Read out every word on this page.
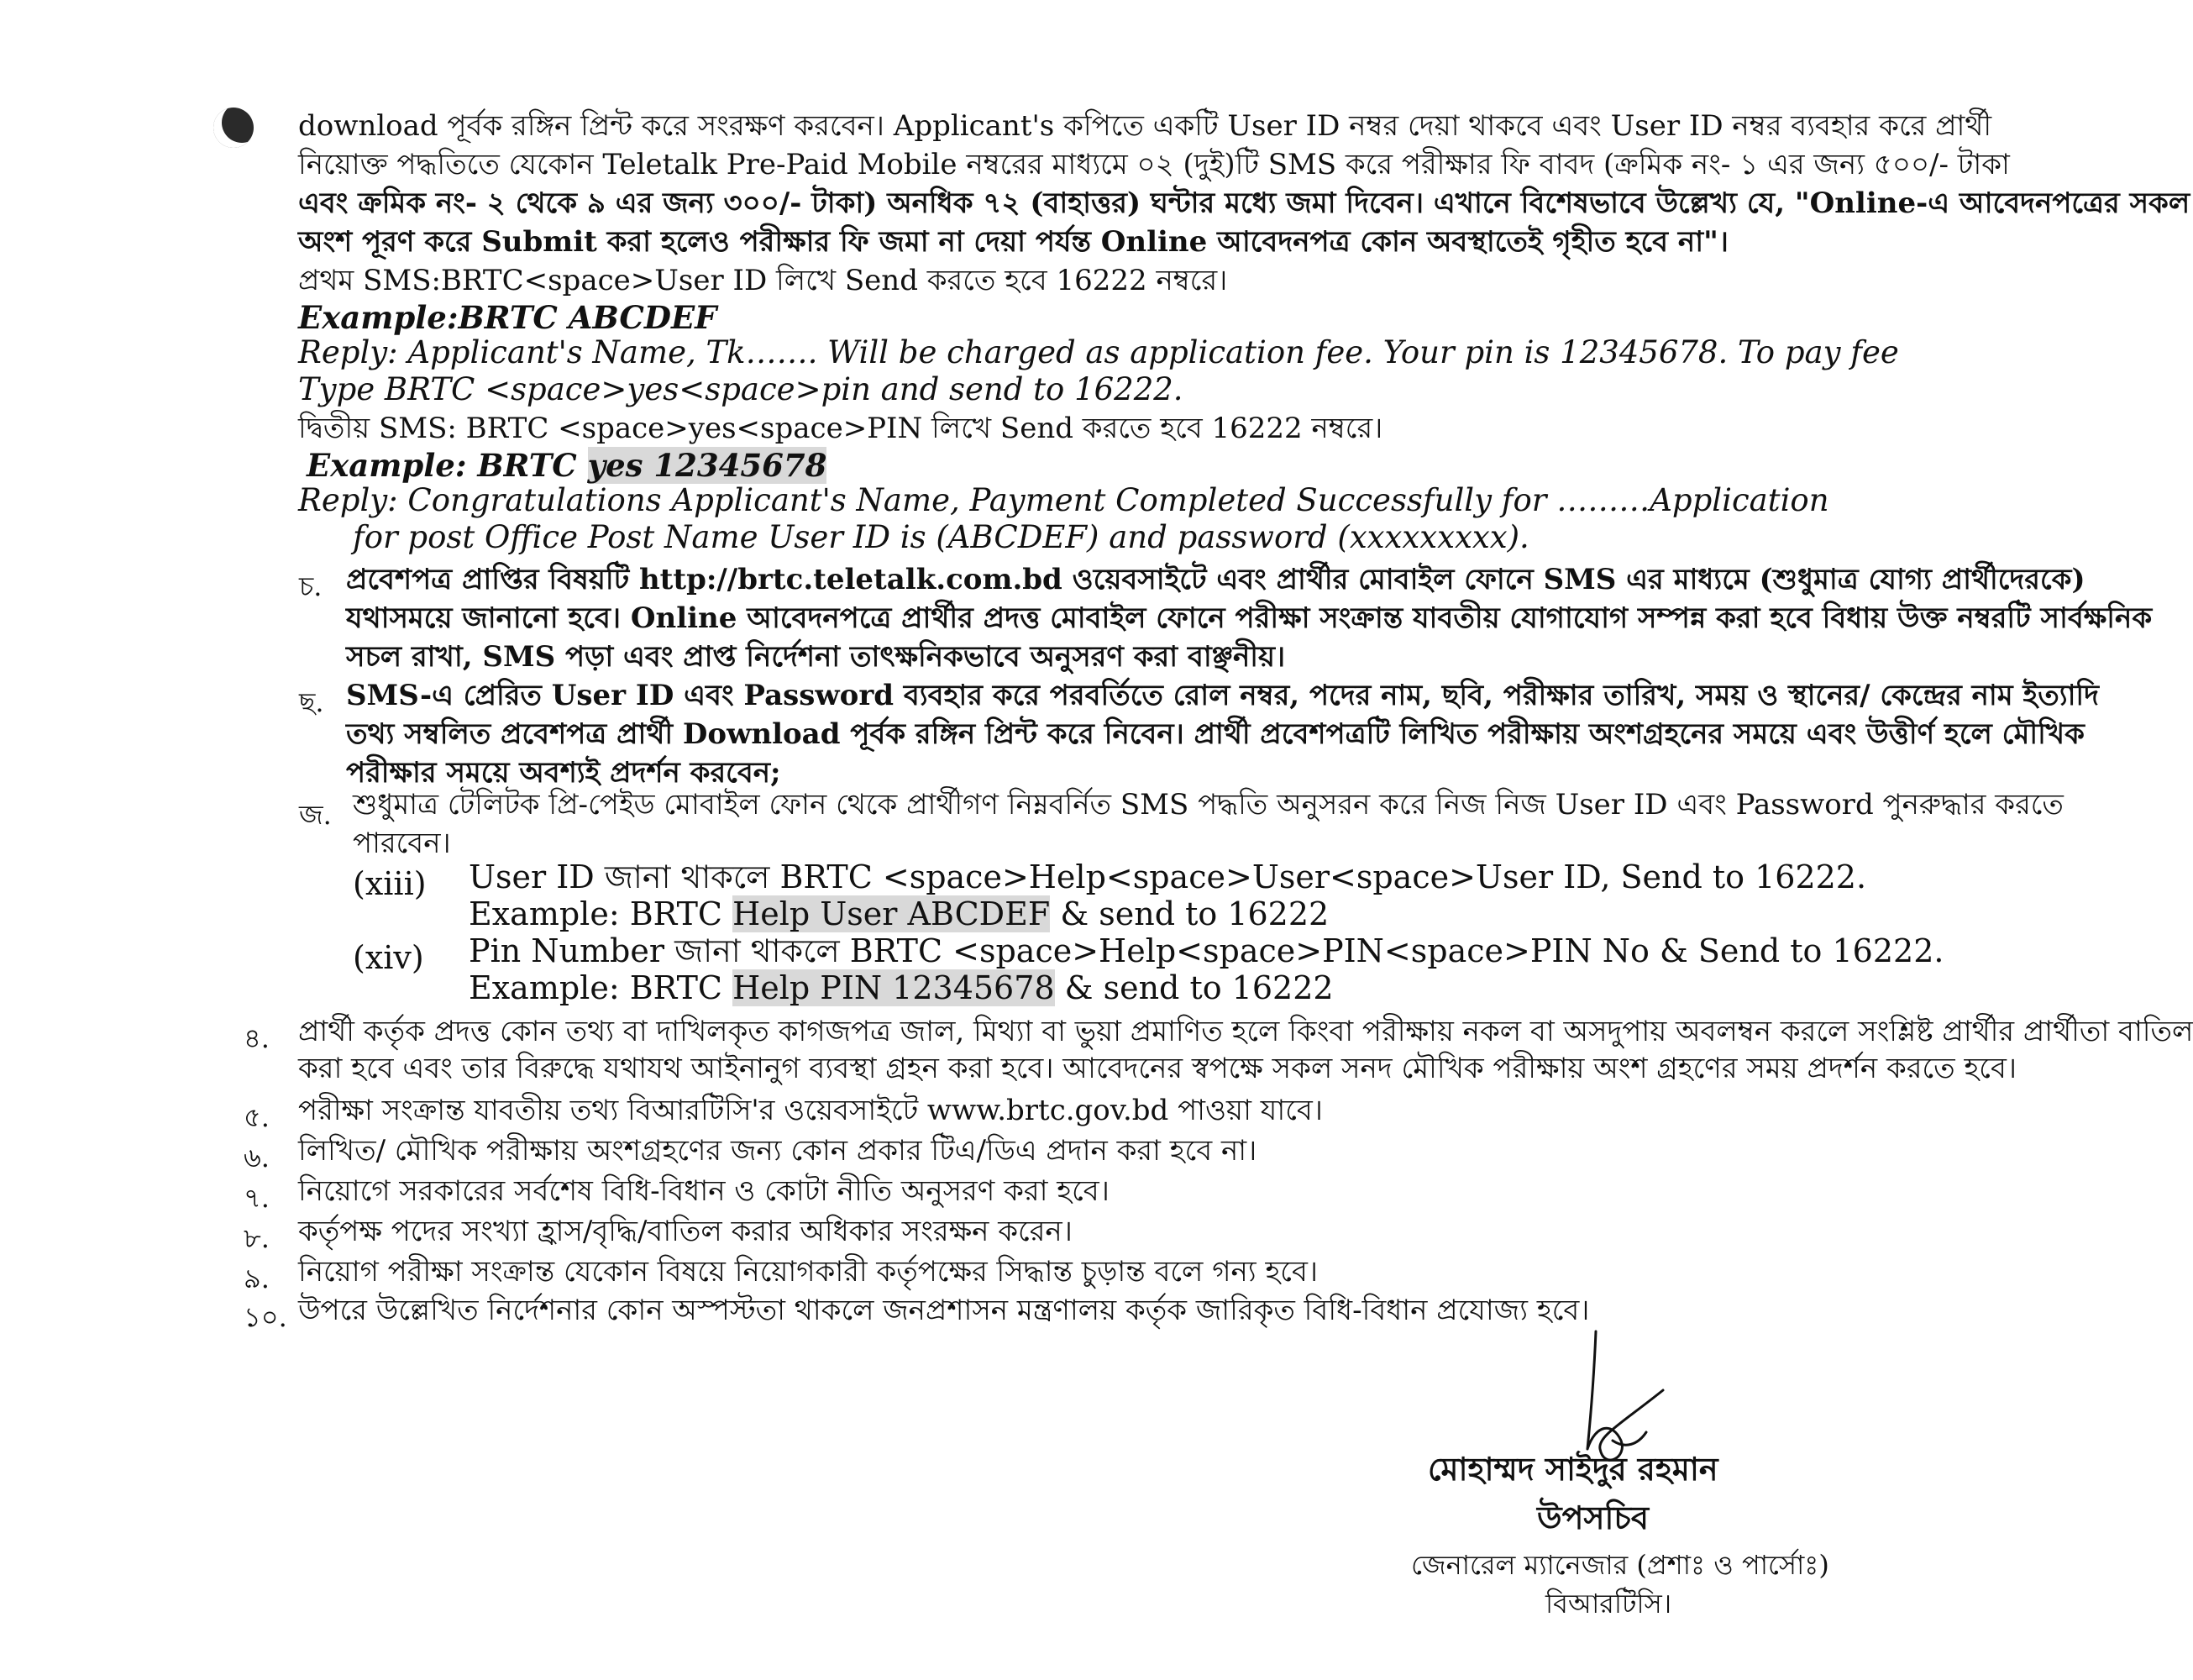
download পূর্বক রঙ্গিন প্রিন্ট করে সংরক্ষণ করবেন। Applicant's কপিতে একটি User ID নম্বর দেয়া থাকবে এবং User ID নম্বর ব্যবহার করে প্রার্থী
নিয়োক্ত পদ্ধতিতে যেকোন Teletalk Pre-Paid Mobile নম্বরের মাধ্যমে ০২ (দুই)টি SMS করে পরীক্ষার ফি বাবদ (ক্রমিক নং- ১ এর জন্য ৫০০/- টাকা
এবং ক্রমিক নং- ২ থেকে ৯ এর জন্য ৩০০/- টাকা) অনধিক ৭২ (বাহাত্তর) ঘন্টার মধ্যে জমা দিবেন। এখানে বিশেষভাবে উল্লেখ্য যে, "Online-এ আবেদনপত্রের সকল
অংশ পূরণ করে Submit করা হলেও পরীক্ষার ফি জমা না দেয়া পর্যন্ত Online আবেদনপত্র কোন অবস্থাতেই গৃহীত হবে না"।
প্রথম SMS:BRTC<space>User ID লিখে Send করতে হবে 16222 নম্বরে।
Example:BRTC ABCDEF
Reply: Applicant's Name, Tk……. Will be charged as application fee. Your pin is 12345678. To pay fee
Type BRTC <space>yes<space>pin and send to 16222.
দ্বিতীয় SMS: BRTC <space>yes<space>PIN লিখে Send করতে হবে 16222 নম্বরে।
Example: BRTC yes 12345678
Reply: Congratulations Applicant's Name, Payment Completed Successfully for ………Application
for post Office Post Name User ID is (ABCDEF) and password (xxxxxxxxx).
চ. প্রবেশপত্র প্রাপ্তির বিষয়টি http://brtc.teletalk.com.bd ওয়েবসাইটে এবং প্রার্থীর মোবাইল ফোনে SMS এর মাধ্যমে (শুধুমাত্র যোগ্য প্রার্থীদেরকে)
যথাসময়ে জানানো হবে। Online আবেদনপত্রে প্রার্থীর প্রদত্ত মোবাইল ফোনে পরীক্ষা সংক্রান্ত যাবতীয় যোগাযোগ সম্পন্ন করা হবে বিধায় উক্ত নম্বরটি সার্বক্ষনিক
সচল রাখা, SMS পড়া এবং প্রাপ্ত নির্দেশনা তাৎক্ষনিকভাবে অনুসরণ করা বাঞ্ছনীয়।
ছ. SMS-এ প্রেরিত User ID এবং Password ব্যবহার করে পরবর্তিতে রোল নম্বর, পদের নাম, ছবি, পরীক্ষার তারিখ, সময় ও স্থানের/ কেন্দ্রের নাম ইত্যাদি
তথ্য সম্বলিত প্রবেশপত্র প্রার্থী Download পূর্বক রঙ্গিন প্রিন্ট করে নিবেন। প্রার্থী প্রবেশপত্রটি লিখিত পরীক্ষায় অংশগ্রহনের সময়ে এবং উত্তীর্ণ হলে মৌখিক
পরীক্ষার সময়ে অবশ্যই প্রদর্শন করবেন;
জ. শুধুমাত্র টেলিটক প্রি-পেইড মোবাইল ফোন থেকে প্রার্থীগণ নিম্নবর্নিত SMS পদ্ধতি অনুসরন করে নিজ নিজ User ID এবং Password পুনরুদ্ধার করতে
পারবেন।
(xiii)	User ID জানা থাকলে BRTC <space>Help<space>User<space>User ID, Send to 16222.
Example: BRTC Help User ABCDEF & send to 16222
(xiv)	Pin Number জানা থাকলে BRTC <space>Help<space>PIN<space>PIN No & Send to 16222.
Example: BRTC Help PIN 12345678 & send to 16222
৪.	প্রার্থী কর্তৃক প্রদত্ত কোন তথ্য বা দাখিলকৃত কাগজপত্র জাল, মিথ্যা বা ভুয়া প্রমাণিত হলে কিংবা পরীক্ষায় নকল বা অসদুপায় অবলম্বন করলে সংশ্লিষ্ট প্রার্থীর প্রার্থীতা বাতিল
করা হবে এবং তার বিরুদ্ধে যথাযথ আইনানুগ ব্যবস্থা গ্রহন করা হবে। আবেদনের স্বপক্ষে সকল সনদ মৌখিক পরীক্ষায় অংশ গ্রহণের সময় প্রদর্শন করতে হবে।
৫.	পরীক্ষা সংক্রান্ত যাবতীয় তথ্য বিআরটিসি'র ওয়েবসাইটে www.brtc.gov.bd পাওয়া যাবে।
৬.	লিখিত/ মৌখিক পরীক্ষায় অংশগ্রহণের জন্য কোন প্রকার টিএ/ডিএ প্রদান করা হবে না।
৭.	নিয়োগে সরকারের সর্বশেষ বিধি-বিধান ও কোটা নীতি অনুসরণ করা হবে।
৮.	কর্তৃপক্ষ পদের সংখ্যা হ্রাস/বৃদ্ধি/বাতিল করার অধিকার সংরক্ষন করেন।
৯.	নিয়োগ পরীক্ষা সংক্রান্ত যেকোন বিষয়ে নিয়োগকারী কর্তৃপক্ষের সিদ্ধান্ত চুড়ান্ত বলে গন্য হবে।
১০. উপরে উল্লেখিত নির্দেশনার কোন অস্পস্টতা থাকলে জনপ্রশাসন মন্ত্রণালয় কর্তৃক জারিকৃত বিধি-বিধান প্রযোজ্য হবে।
মোহাম্মদ সাইদুর রহমান
উপসচিব
জেনারেল ম্যানেজার (প্রশাঃ ও পার্সোঃ)
বিআরটিসি।
